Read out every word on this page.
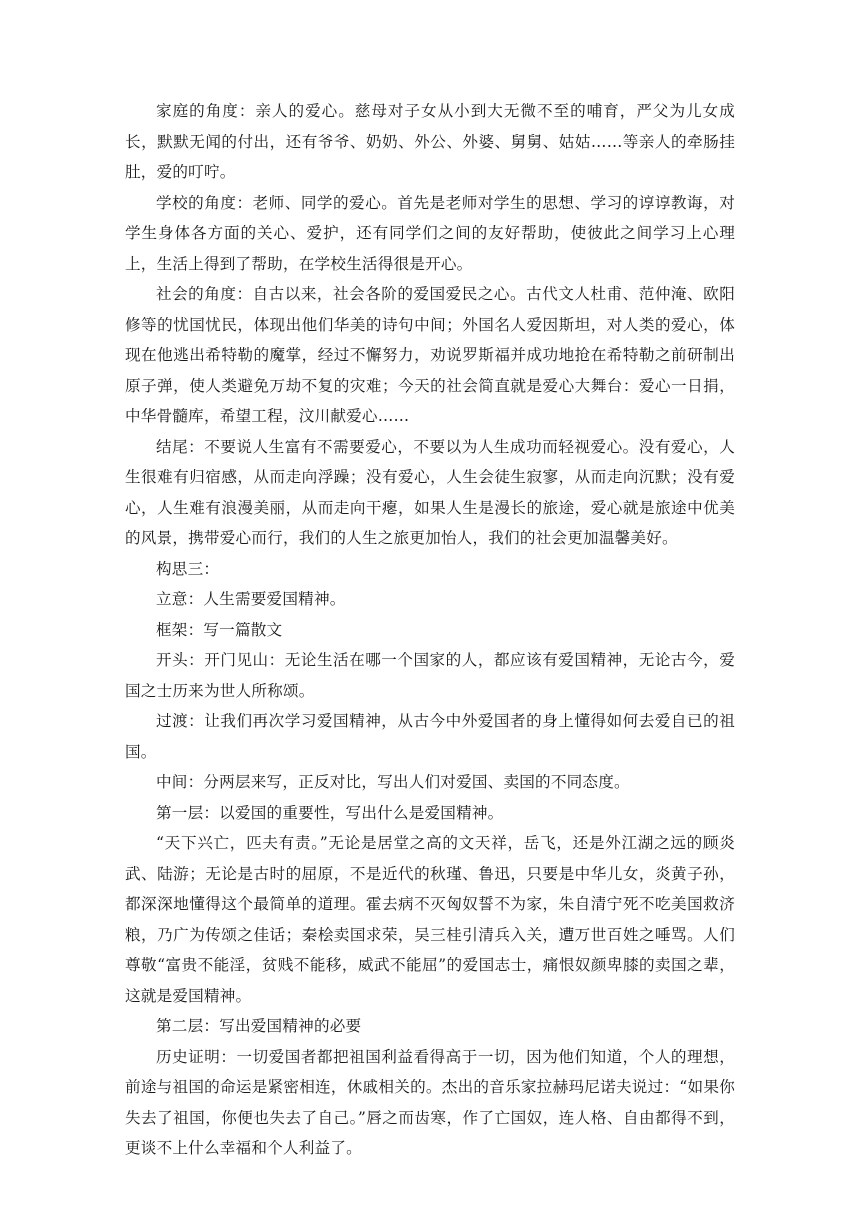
家庭的角度：亲人的爱心。慈母对子女从小到大无微不至的哺育，严父为儿女成长，默默无闻的付出，还有爷爷、奶奶、外公、外婆、舅舅、姑姑……等亲人的牵肠挂肚，爱的叮咛。

学校的角度：老师、同学的爱心。首先是老师对学生的思想、学习的谆谆教诲，对学生身体各方面的关心、爱护，还有同学们之间的友好帮助，使彼此之间学习上心理上，生活上得到了帮助，在学校生活得很是开心。

社会的角度：自古以来，社会各阶的爱国爱民之心。古代文人杜甫、范仲淹、欧阳修等的忧国忧民，体现出他们华美的诗句中间；外国名人爱因斯坦，对人类的爱心，体现在他逃出希特勒的魔掌，经过不懈努力，劝说罗斯福并成功地抢在希特勒之前研制出原子弹，使人类避免万劫不复的灾难；今天的社会简直就是爱心大舞台：爱心一日捐，中华骨髓库，希望工程，汶川献爱心……

结尾：不要说人生富有不需要爱心，不要以为人生成功而轻视爱心。没有爱心，人生很难有归宿感，从而走向浮躁；没有爱心，人生会徒生寂寥，从而走向沉默；没有爱心，人生难有浪漫美丽，从而走向干瘪，如果人生是漫长的旅途，爱心就是旅途中优美的风景，携带爱心而行，我们的人生之旅更加怡人，我们的社会更加温馨美好。

构思三：

立意：人生需要爱国精神。

框架：写一篇散文

开头：开门见山：无论生活在哪一个国家的人，都应该有爱国精神，无论古今，爱国之士历来为世人所称颂。

过渡：让我们再次学习爱国精神，从古今中外爱国者的身上懂得如何去爱自已的祖国。

中间：分两层来写，正反对比，写出人们对爱国、卖国的不同态度。

第一层：以爱国的重要性，写出什么是爱国精神。

“天下兴亡，匹夫有责。”无论是居堂之高的文天祥，岳飞，还是外江湖之远的顾炎武、陆游；无论是古时的屈原，不是近代的秋瑾、鲁迅，只要是中华儿女，炎黄子孙，都深深地懂得这个最简单的道理。霍去病不灭匈奴誓不为家，朱自清宁死不吃美国救济粮，乃广为传颂之佳话；秦桧卖国求荣，吴三桂引清兵入关，遭万世百姓之唾骂。人们尊敬“富贵不能淫，贫贱不能移，威武不能屈”的爱国志士，痛恨奴颜卑膝的卖国之辈，这就是爱国精神。

第二层：写出爱国精神的必要

历史证明：一切爱国者都把祖国利益看得高于一切，因为他们知道，个人的理想，前途与祖国的命运是紧密相连，休戚相关的。杰出的音乐家拉赫玛尼诺夫说过：“如果你失去了祖国，你便也失去了自己。”唇之而齿寒，作了亡国奴，连人格、自由都得不到，更谈不上什么幸福和个人利益了。
